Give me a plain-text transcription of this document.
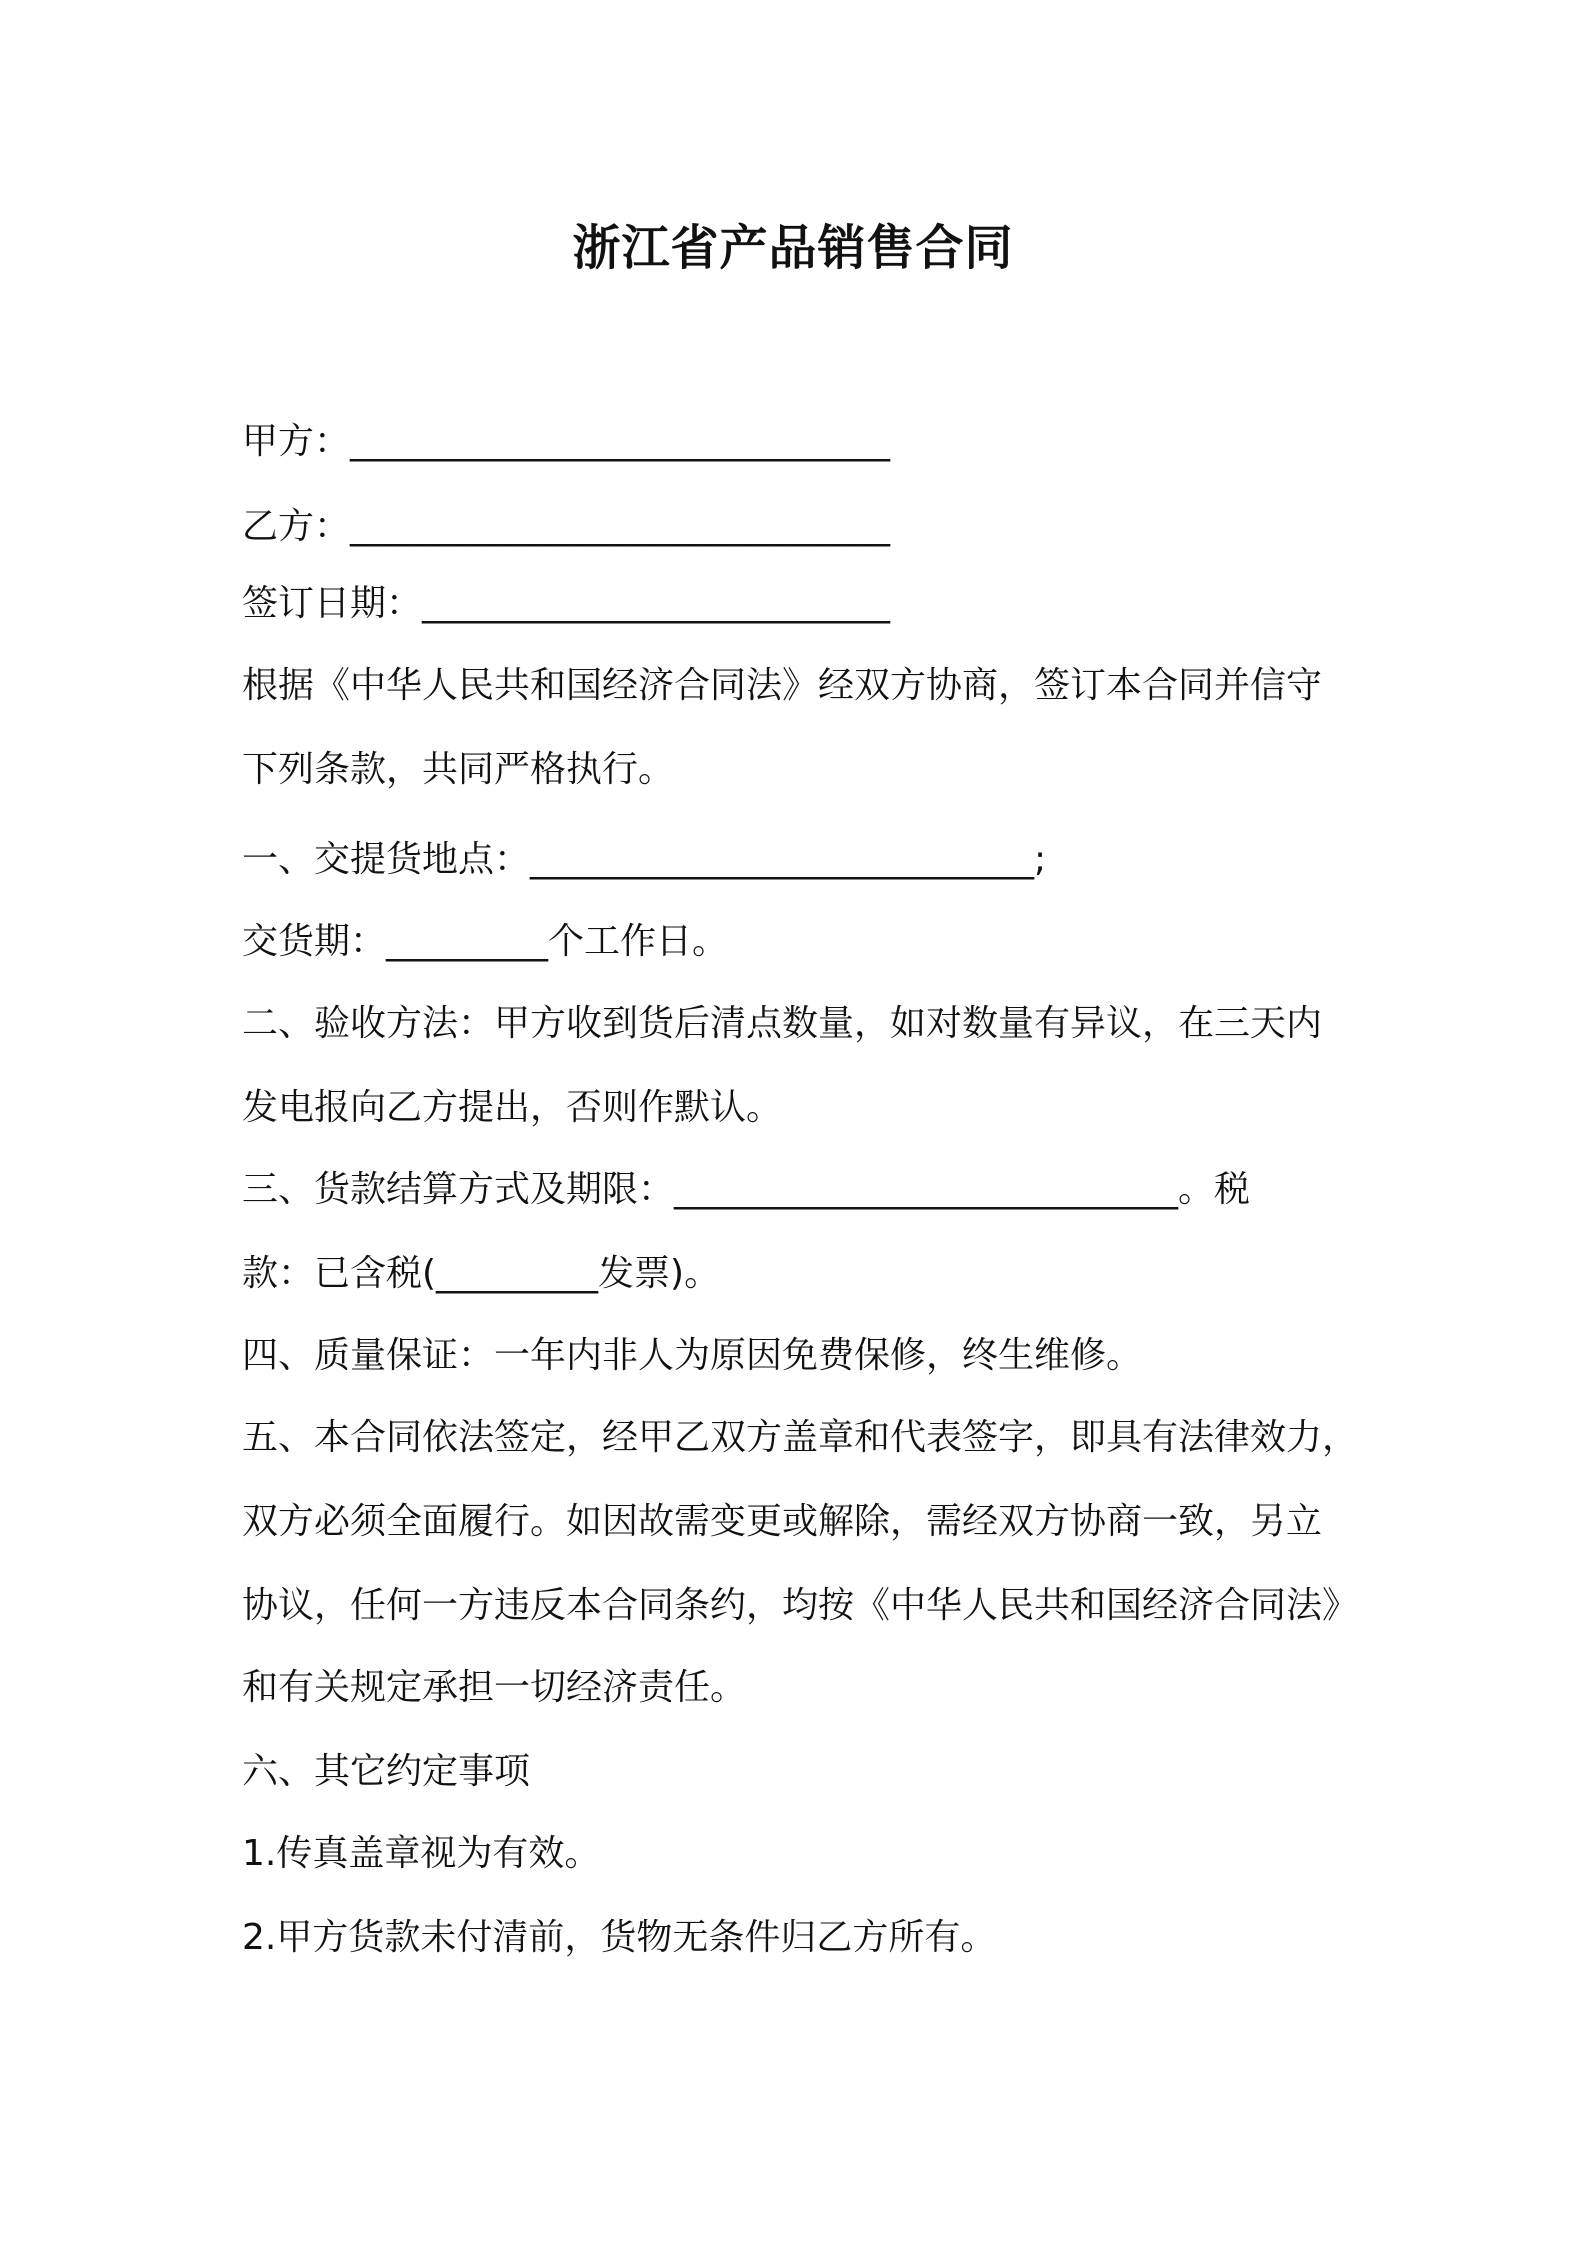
浙江省产品销售合同
甲方：______________________________
乙方：______________________________
签订日期：__________________________
根据《中华人民共和国经济合同法》经双方协商，签订本合同并信守
下列条款，共同严格执行。
一、交提货地点：____________________________;
交货期：_________个工作日。
二、验收方法：甲方收到货后清点数量，如对数量有异议，在三天内
发电报向乙方提出，否则作默认。
三、货款结算方式及期限：____________________________。税
款：已含税(_________发票)。
四、质量保证：一年内非人为原因免费保修，终生维修。
五、本合同依法签定，经甲乙双方盖章和代表签字，即具有法律效力，
双方必须全面履行。如因故需变更或解除，需经双方协商一致，另立
协议，任何一方违反本合同条约，均按《中华人民共和国经济合同法》
和有关规定承担一切经济责任。
六、其它约定事项
1.传真盖章视为有效。
2.甲方货款未付清前，货物无条件归乙方所有。
